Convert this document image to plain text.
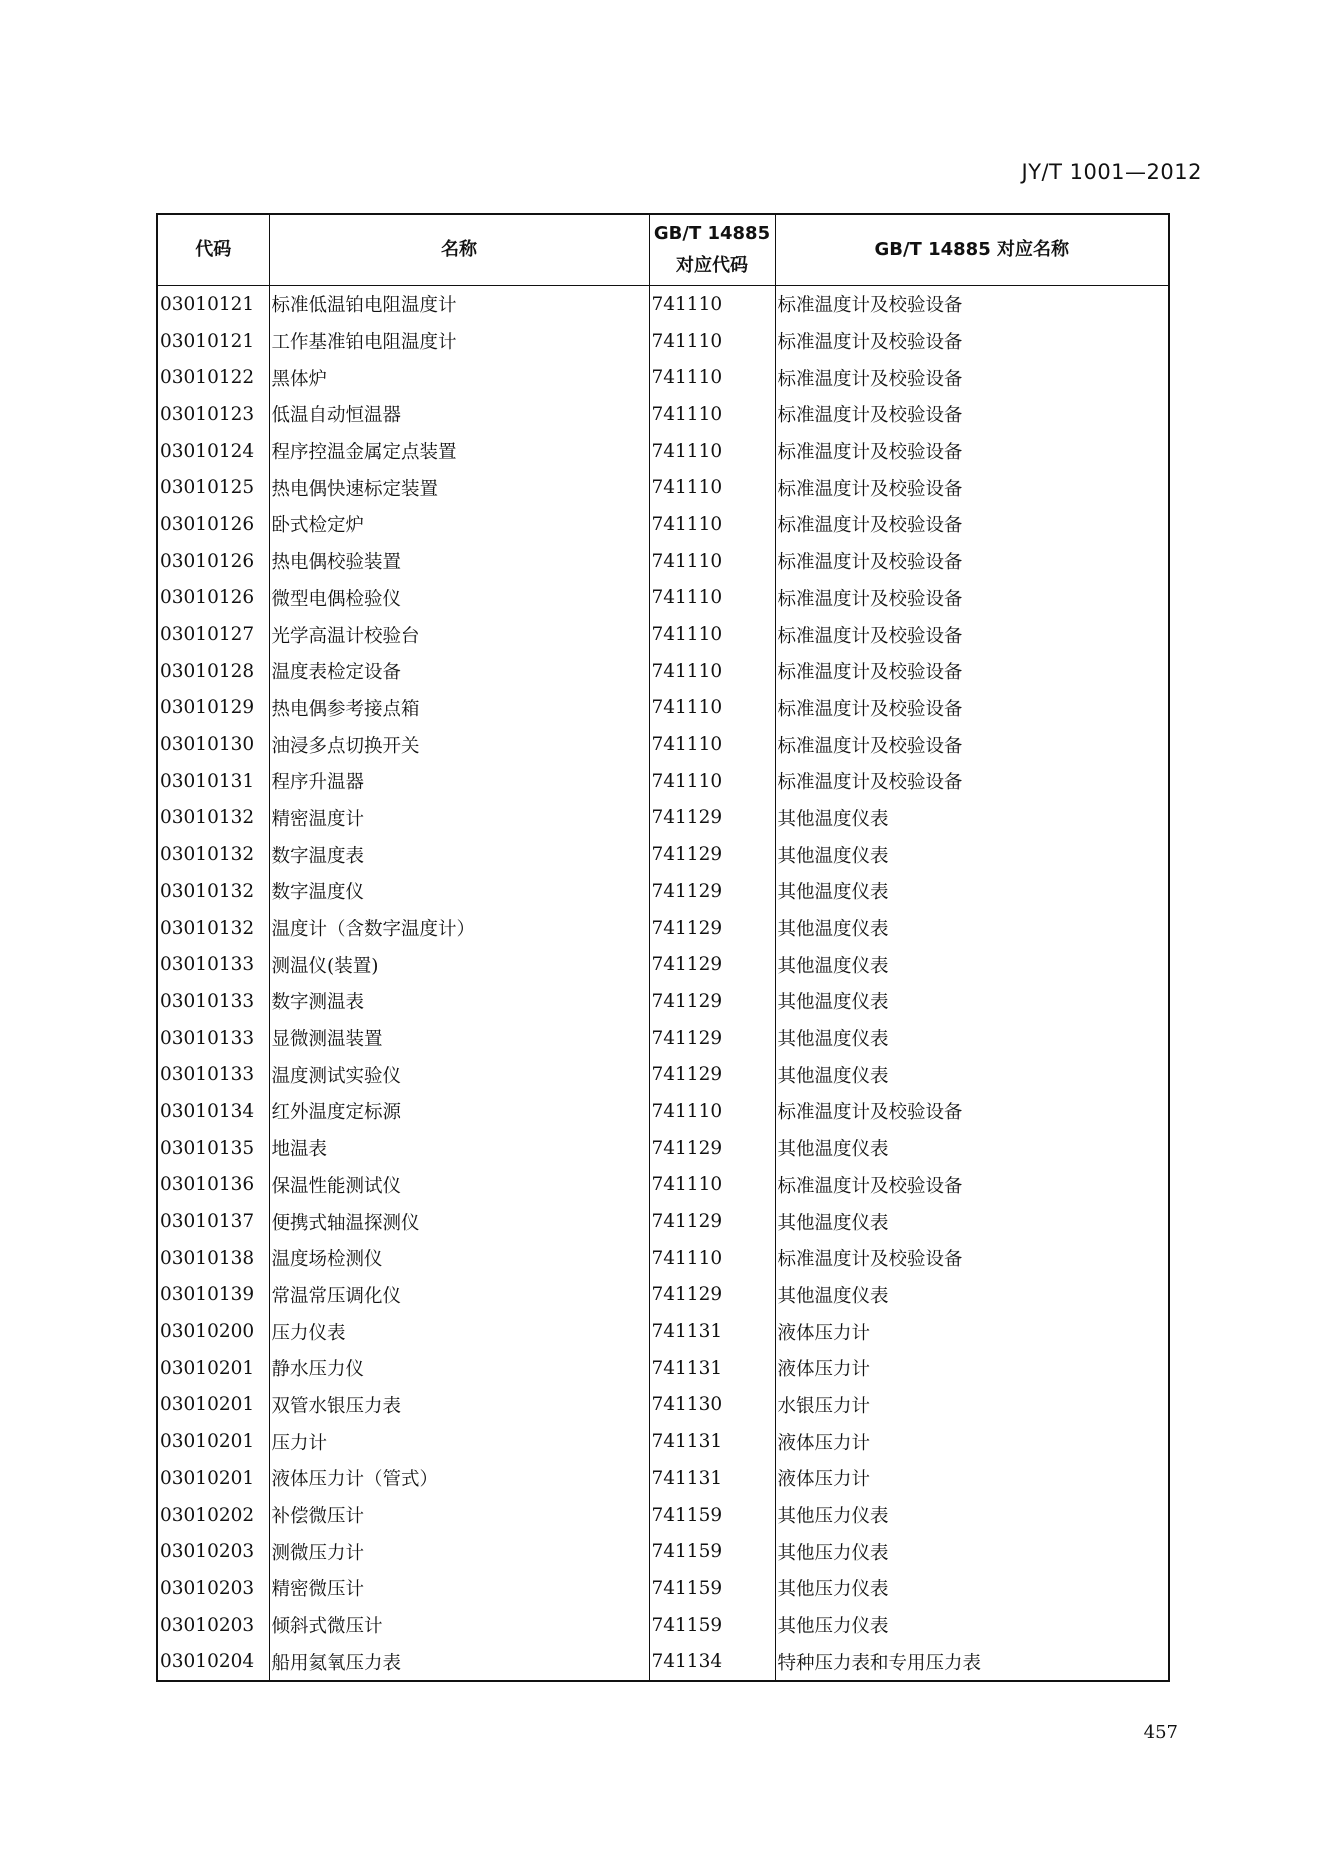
JY/T 1001—2012
代码	名称	GB/T 14885
对应代码	GB/T 14885 对应名称
03010121	标准低温铂电阻温度计	741110	标准温度计及校验设备
03010121	工作基准铂电阻温度计	741110	标准温度计及校验设备
03010122	黑体炉	741110	标准温度计及校验设备
03010123	低温自动恒温器	741110	标准温度计及校验设备
03010124	程序控温金属定点装置	741110	标准温度计及校验设备
03010125	热电偶快速标定装置	741110	标准温度计及校验设备
03010126	卧式检定炉	741110	标准温度计及校验设备
03010126	热电偶校验装置	741110	标准温度计及校验设备
03010126	微型电偶检验仪	741110	标准温度计及校验设备
03010127	光学高温计校验台	741110	标准温度计及校验设备
03010128	温度表检定设备	741110	标准温度计及校验设备
03010129	热电偶参考接点箱	741110	标准温度计及校验设备
03010130	油浸多点切换开关	741110	标准温度计及校验设备
03010131	程序升温器	741110	标准温度计及校验设备
03010132	精密温度计	741129	其他温度仪表
03010132	数字温度表	741129	其他温度仪表
03010132	数字温度仪	741129	其他温度仪表
03010132	温度计（含数字温度计）	741129	其他温度仪表
03010133	测温仪(装置)	741129	其他温度仪表
03010133	数字测温表	741129	其他温度仪表
03010133	显微测温装置	741129	其他温度仪表
03010133	温度测试实验仪	741129	其他温度仪表
03010134	红外温度定标源	741110	标准温度计及校验设备
03010135	地温表	741129	其他温度仪表
03010136	保温性能测试仪	741110	标准温度计及校验设备
03010137	便携式轴温探测仪	741129	其他温度仪表
03010138	温度场检测仪	741110	标准温度计及校验设备
03010139	常温常压调化仪	741129	其他温度仪表
03010200	压力仪表	741131	液体压力计
03010201	静水压力仪	741131	液体压力计
03010201	双管水银压力表	741130	水银压力计
03010201	压力计	741131	液体压力计
03010201	液体压力计（管式）	741131	液体压力计
03010202	补偿微压计	741159	其他压力仪表
03010203	测微压力计	741159	其他压力仪表
03010203	精密微压计	741159	其他压力仪表
03010203	倾斜式微压计	741159	其他压力仪表
03010204	船用氦氧压力表	741134	特种压力表和专用压力表
457
